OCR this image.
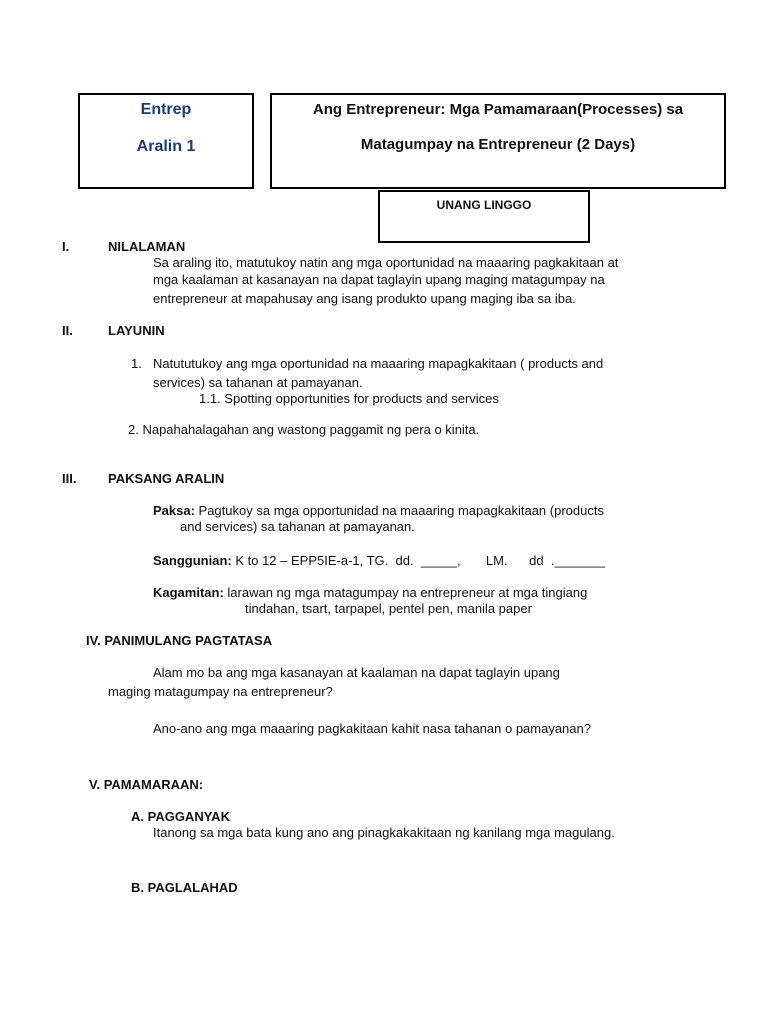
Entrep
Aralin 1
Ang Entrepreneur: Mga Pamamaraan(Processes) sa
Matagumpay na Entrepreneur (2 Days)
UNANG LINGGO
I.	NILALAMAN
Sa araling ito, matutukoy natin ang mga oportunidad na maaaring pagkakitaan at
mga kaalaman at kasanayan na dapat taglayin upang maging matagumpay na
entrepreneur at mapahusay ang isang produkto upang maging iba sa iba.
II.	LAYUNIN
1. Natututukoy ang mga oportunidad na maaaring mapagkakitaan ( products and
services) sa tahanan at pamayanan.
1.1. Spotting opportunities for products and services
2. Napahahalagahan ang wastong paggamit ng pera o kinita.
III. PAKSANG ARALIN
Paksa: Pagtukoy sa mga opportunidad na maaaring mapagkakitaan (products
and services) sa tahanan at pamayanan.
Sanggunian: K to 12 – EPP5IE-a-1, TG.  dd.  _____,       LM.      dd  ._______
Kagamitan: larawan ng mga matagumpay na entrepreneur at mga tingiang
tindahan, tsart, tarpapel, pentel pen, manila paper
IV. PANIMULANG PAGTATASA
Alam mo ba ang mga kasanayan at kaalaman na dapat taglayin upang
maging matagumpay na entrepreneur?
Ano-ano ang mga maaaring pagkakitaan kahit nasa tahanan o pamayanan?
V. PAMAMARAAN:
A. PAGGANYAK
Itanong sa mga bata kung ano ang pinagkakakitaan ng kanilang mga magulang.
B. PAGLALAHAD
